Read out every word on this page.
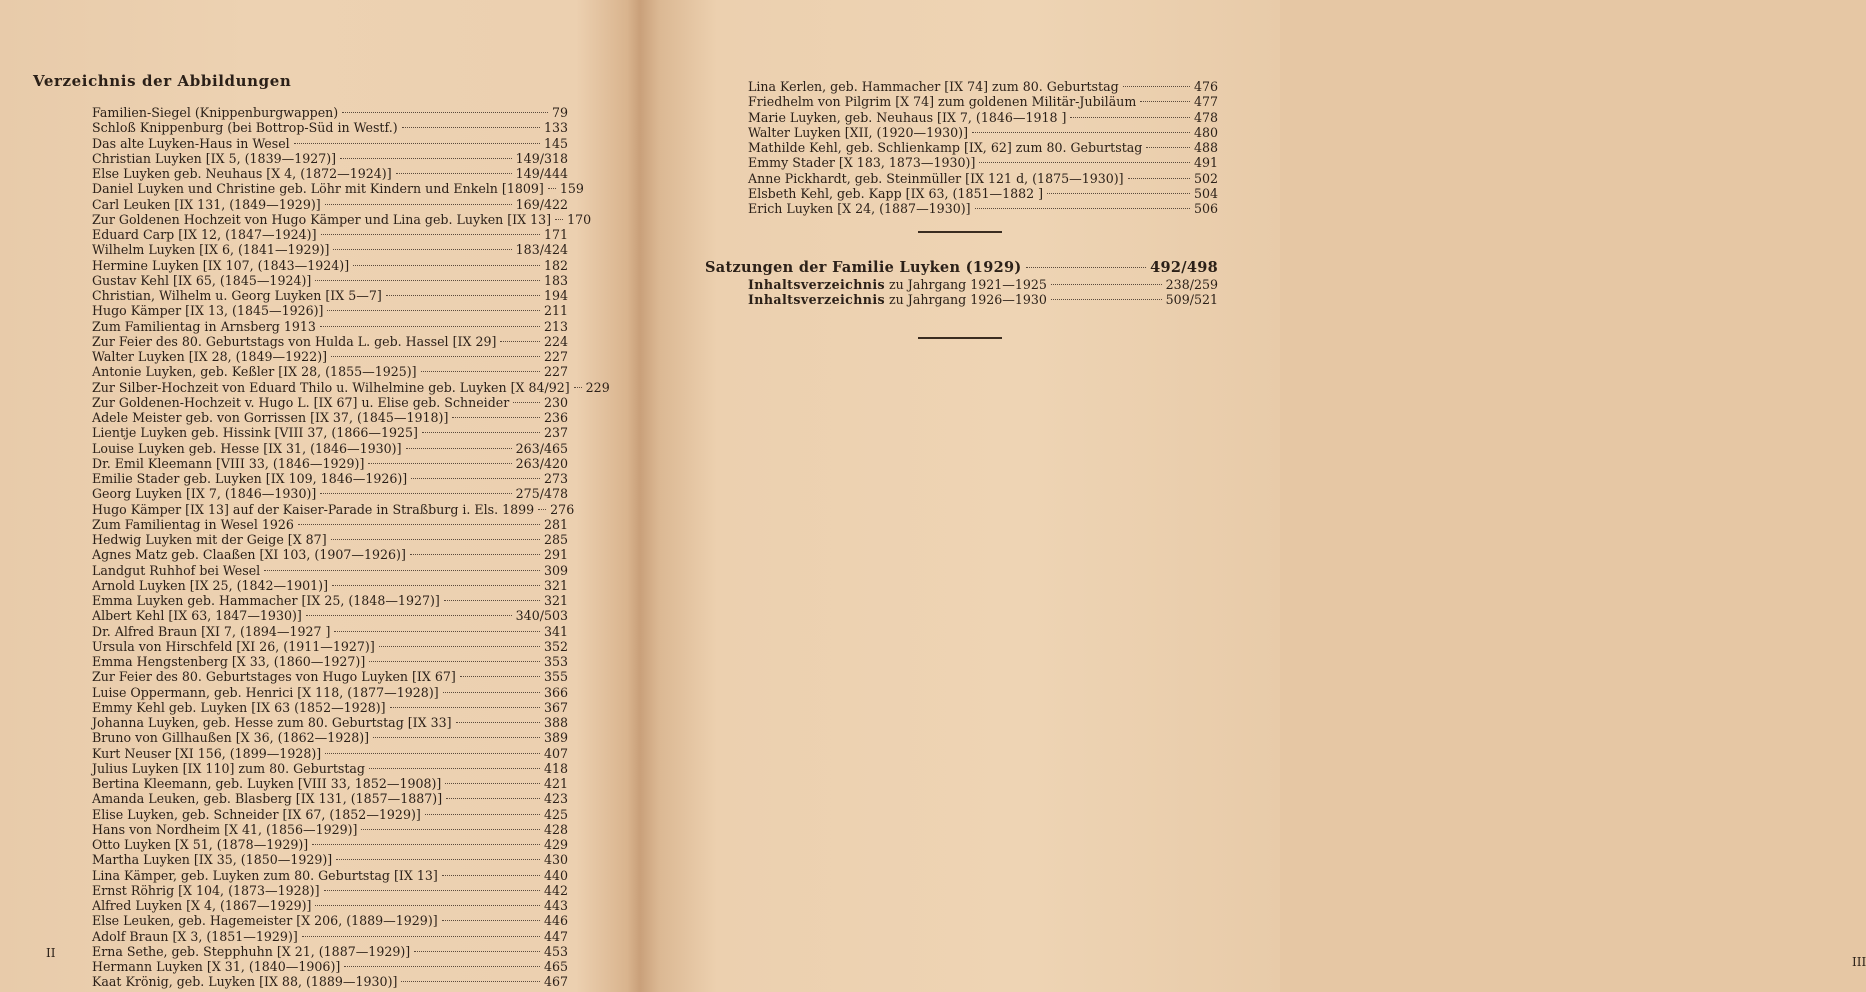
Verzeichnis der Abbildungen
Familien-Siegel (Knippenburgwappen)	79
Schloß Knippenburg (bei Bottrop-Süd in Westf.)	133
Das alte Luyken-Haus in Wesel	145
Christian Luyken [IX 5, (1839—1927)]	149/318
Else Luyken geb. Neuhaus [X 4, (1872—1924)]	149/444
Daniel Luyken und Christine geb. Löhr mit Kindern und Enkeln [1809] 159
Carl Leuken [IX 131, (1849—1929)]	169/422
Zur Goldenen Hochzeit von Hugo Kämper und Lina geb. Luyken [IX 13] 170
Eduard Carp [IX 12, (1847—1924)]	171
Wilhelm Luyken [IX 6, (1841—1929)]	183/424
Hermine Luyken [IX 107, (1843—1924)]	182
Gustav Kehl [IX 65, (1845—1924)]	183
Christian, Wilhelm u. Georg Luyken [IX 5—7]	194
Hugo Kämper [IX 13, (1845—1926)]	211
Zum Familientag in Arnsberg 1913	213
Zur Feier des 80. Geburtstags von Hulda L. geb. Hassel [IX 29]	224
Walter Luyken [IX 28, (1849—1922)]	227
Antonie Luyken, geb. Keßler [IX 28, (1855—1925)]	227
Zur Silber-Hochzeit von Eduard Thilo u. Wilhelmine geb. Luyken [X 84/92] 229
Zur Goldenen-Hochzeit v. Hugo L. [IX 67] u. Elise geb. Schneider	230
Adele Meister geb. von Gorrissen [IX 37, (1845—1918)]	236
Lientje Luyken geb. Hissink [VIII 37, (1866—1925]	237
Louise Luyken geb. Hesse [IX 31, (1846—1930)]	263/465
Dr. Emil Kleemann [VIII 33, (1846—1929)]	263/420
Emilie Stader geb. Luyken [IX 109, 1846—1926)]	273
Georg Luyken [IX 7, (1846—1930)]	275/478
Hugo Kämper [IX 13] auf der Kaiser-Parade in Straßburg i. Els. 1899 276
Zum Familientag in Wesel 1926	281
Hedwig Luyken mit der Geige [X 87]	285
Agnes Matz geb. Claaßen [XI 103, (1907—1926)]	291
Landgut Ruhhof bei Wesel	309
Arnold Luyken [IX 25, (1842—1901)]	321
Emma Luyken geb. Hammacher [IX 25, (1848—1927)]	321
Albert Kehl [IX 63, 1847—1930)]	340/503
Dr. Alfred Braun [XI 7, (1894—1927 ]	341
Ursula von Hirschfeld [XI 26, (1911—1927)]	352
Emma Hengstenberg [X 33, (1860—1927)]	353
Zur Feier des 80. Geburtstages von Hugo Luyken [IX 67]	355
Luise Oppermann, geb. Henrici [X 118, (1877—1928)]	366
Emmy Kehl geb. Luyken [IX 63 (1852—1928)]	367
Johanna Luyken, geb. Hesse zum 80. Geburtstag [IX 33]	388
Bruno von Gillhaußen [X 36, (1862—1928)]	389
Kurt Neuser [XI 156, (1899—1928)]	407
Julius Luyken [IX 110] zum 80. Geburtstag	418
Bertina Kleemann, geb. Luyken [VIII 33, 1852—1908)]	421
Amanda Leuken, geb. Blasberg [IX 131, (1857—1887)]	423
Elise Luyken, geb. Schneider [IX 67, (1852—1929)]	425
Hans von Nordheim [X 41, (1856—1929)]	428
Otto Luyken [X 51, (1878—1929)]	429
Martha Luyken [IX 35, (1850—1929)]	430
Lina Kämper, geb. Luyken zum 80. Geburtstag [IX 13]	440
Ernst Röhrig [X 104, (1873—1928)]	442
Alfred Luyken [X 4, (1867—1929)]	443
Else Leuken, geb. Hagemeister [X 206, (1889—1929)]	446
Adolf Braun [X 3, (1851—1929)]	447
Erna Sethe, geb. Stepphuhn [X 21, (1887—1929)]	453
Hermann Luyken [X 31, (1840—1906)]	465
Kaat Krönig, geb. Luyken [IX 88, (1889—1930)]	467
II
III
Lina Kerlen, geb. Hammacher [IX 74] zum 80. Geburtstag	476
Friedhelm von Pilgrim [X 74] zum goldenen Militär-Jubiläum	477
Marie Luyken, geb. Neuhaus [IX 7, (1846—1918 ]	478
Walter Luyken [XII, (1920—1930)]	480
Mathilde Kehl, geb. Schlienkamp [IX, 62] zum 80. Geburtstag	488
Emmy Stader [X 183, 1873—1930)]	491
Anne Pickhardt, geb. Steinmüller [IX 121 d, (1875—1930)]	502
Elsbeth Kehl, geb. Kapp [IX 63, (1851—1882 ]	504
Erich Luyken [X 24, (1887—1930)]	506
Satzungen der Familie Luyken (1929)	492/498
Inhaltsverzeichnis zu Jahrgang 1921—1925	238/259
Inhaltsverzeichnis zu Jahrgang 1926—1930	509/521
